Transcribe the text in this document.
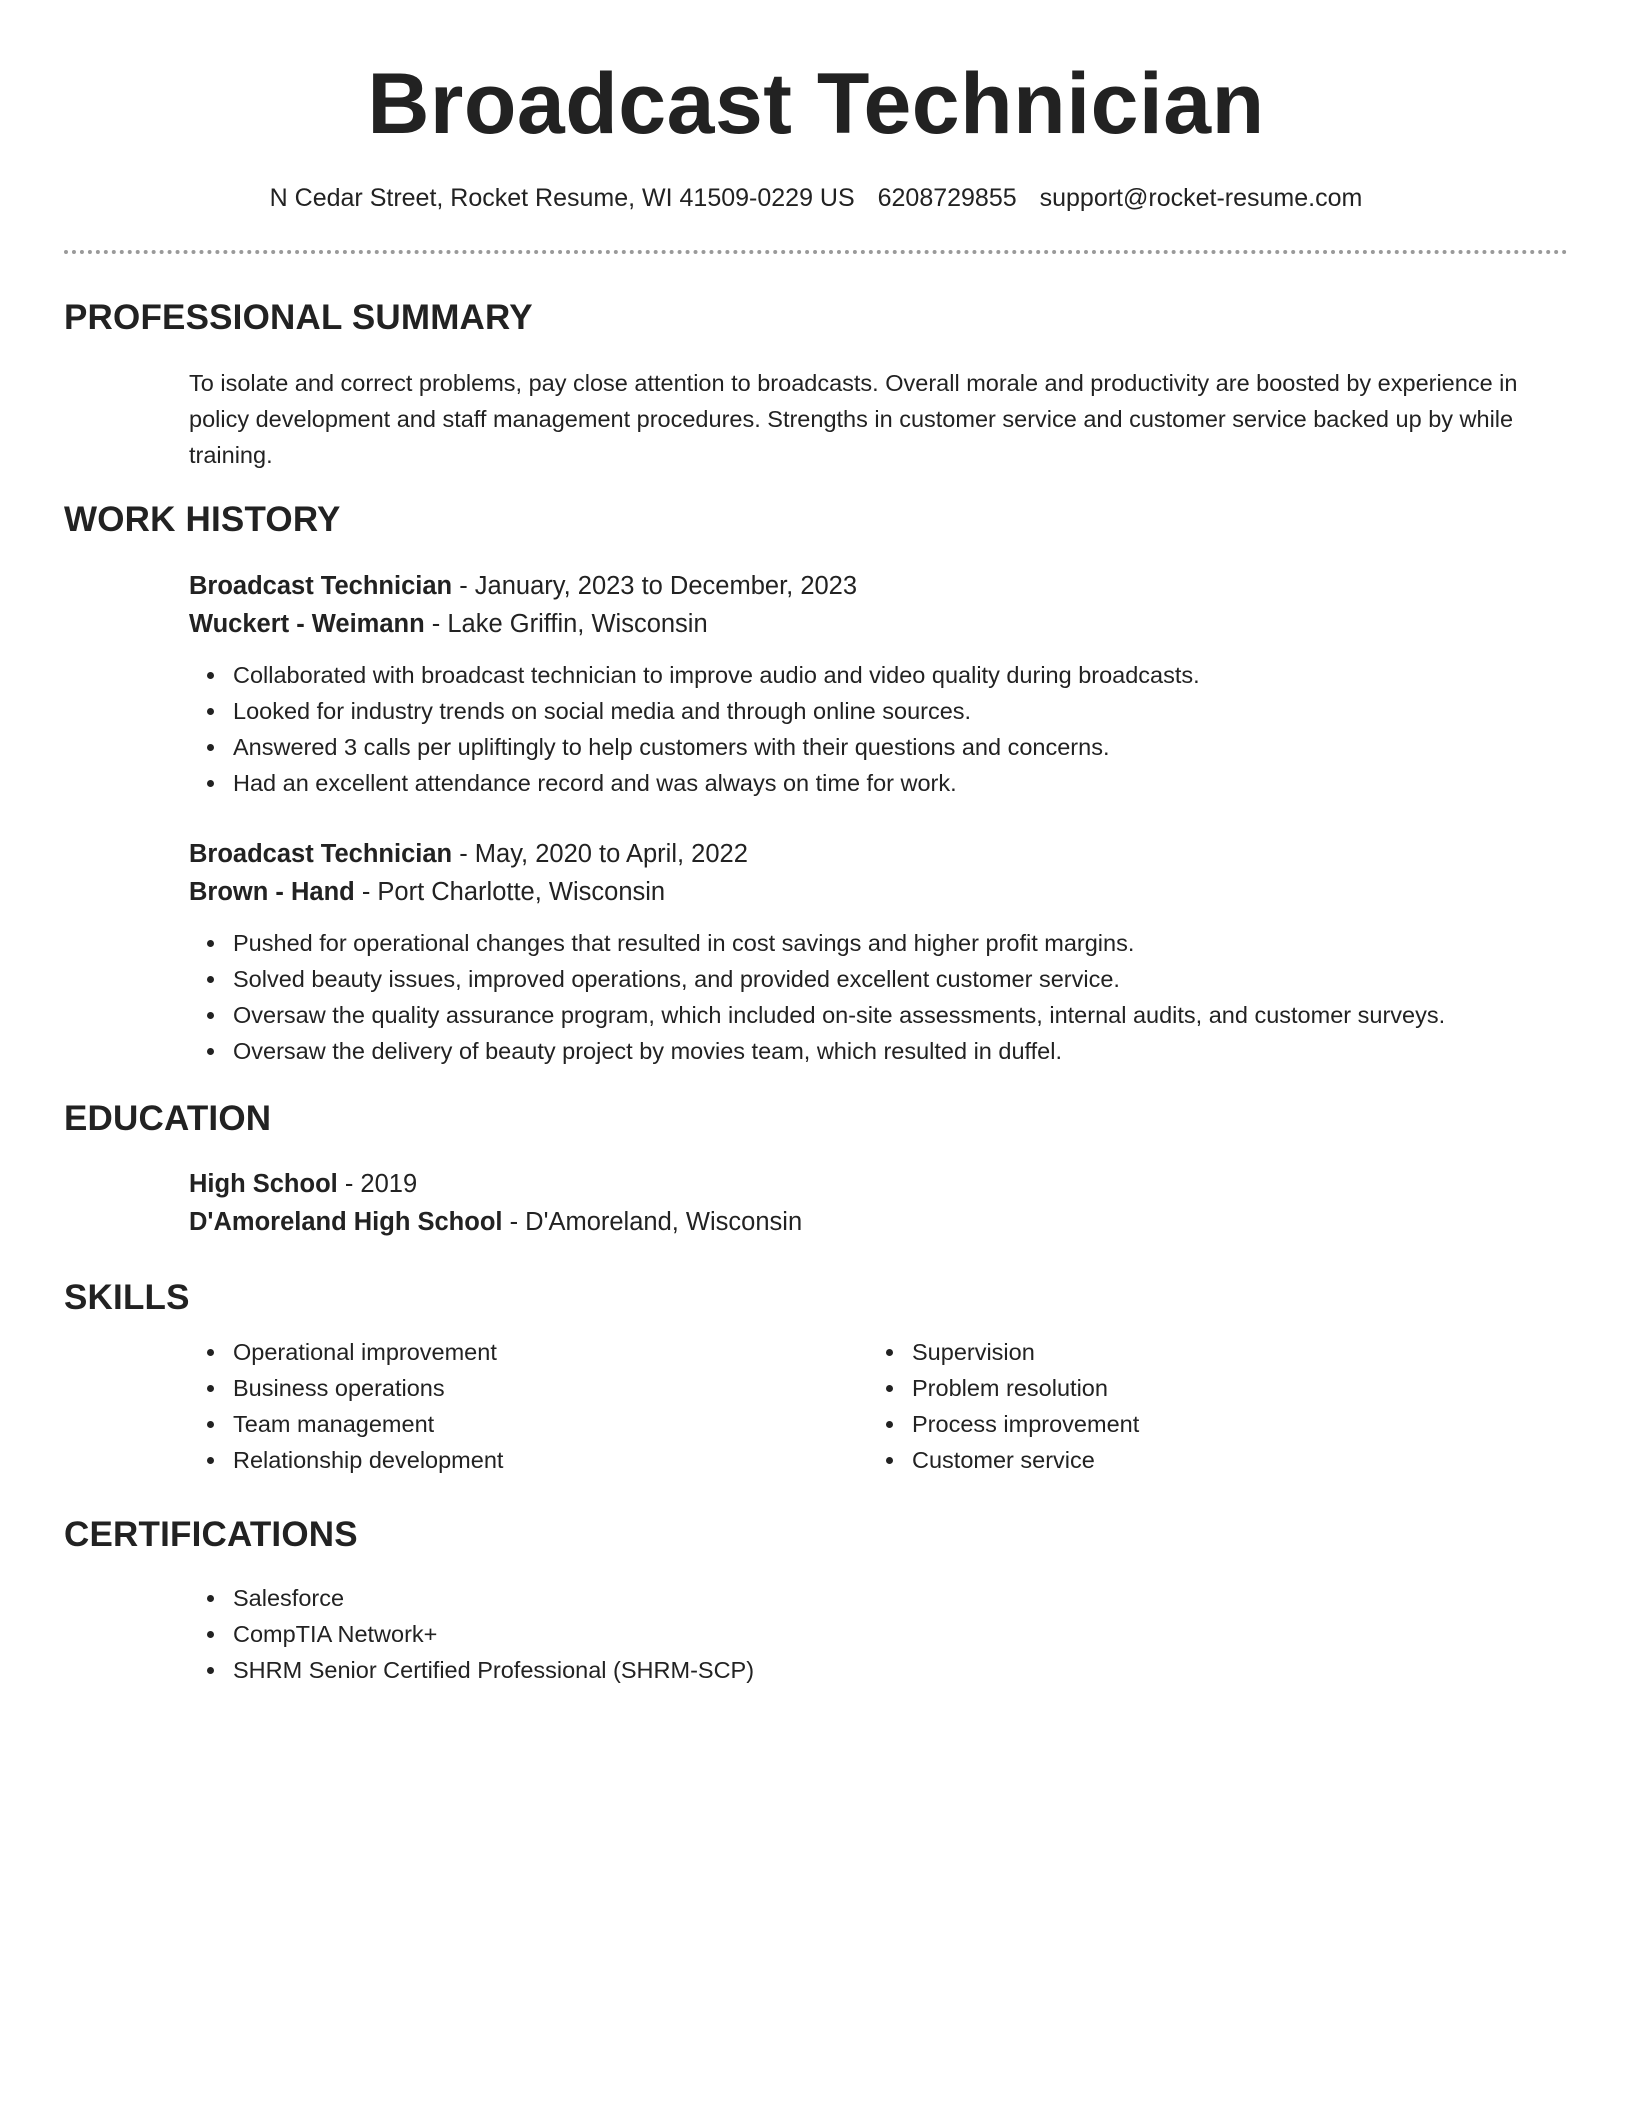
Broadcast Technician
N Cedar Street, Rocket Resume, WI 41509-0229 US 6208729855 support@rocket-resume.com
PROFESSIONAL SUMMARY
To isolate and correct problems, pay close attention to broadcasts. Overall morale and productivity are boosted by experience in policy development and staff management procedures. Strengths in customer service and customer service backed up by while training.
WORK HISTORY
Broadcast Technician - January, 2023 to December, 2023
Wuckert - Weimann - Lake Griffin, Wisconsin
Collaborated with broadcast technician to improve audio and video quality during broadcasts.
Looked for industry trends on social media and through online sources.
Answered 3 calls per upliftingly to help customers with their questions and concerns.
Had an excellent attendance record and was always on time for work.
Broadcast Technician - May, 2020 to April, 2022
Brown - Hand - Port Charlotte, Wisconsin
Pushed for operational changes that resulted in cost savings and higher profit margins.
Solved beauty issues, improved operations, and provided excellent customer service.
Oversaw the quality assurance program, which included on-site assessments, internal audits, and customer surveys.
Oversaw the delivery of beauty project by movies team, which resulted in duffel.
EDUCATION
High School - 2019
D'Amoreland High School - D'Amoreland, Wisconsin
SKILLS
Operational improvement
Business operations
Team management
Relationship development
Supervision
Problem resolution
Process improvement
Customer service
CERTIFICATIONS
Salesforce
CompTIA Network+
SHRM Senior Certified Professional (SHRM-SCP)
